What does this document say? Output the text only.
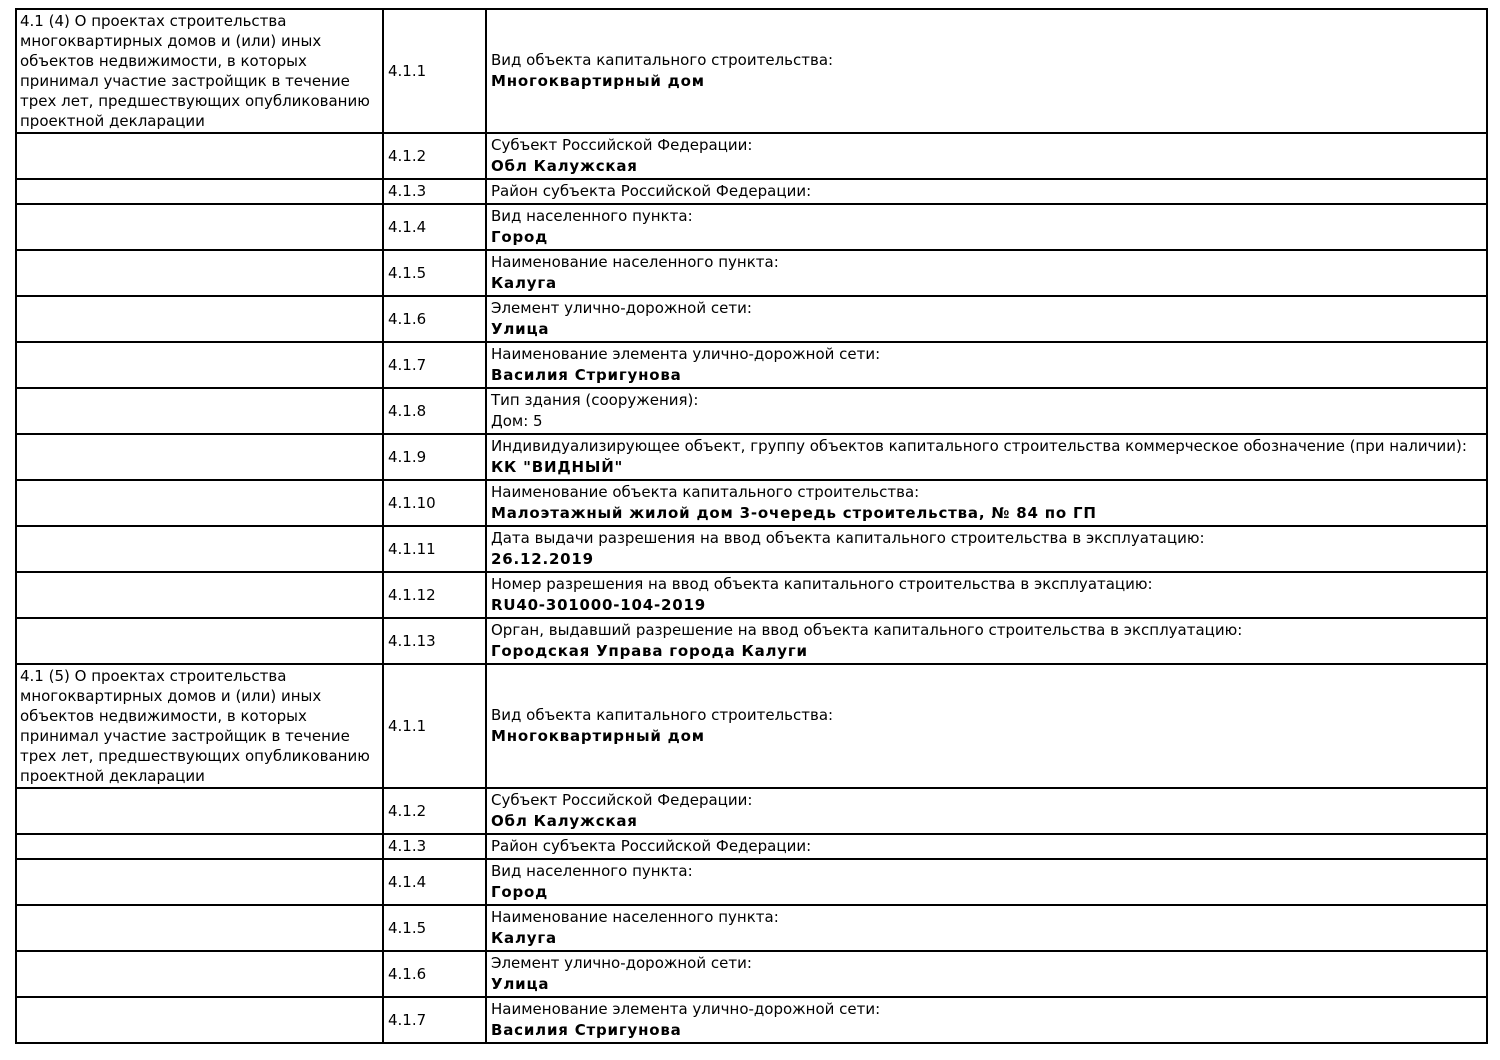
4.1 (4) О проектах строительства многоквартирных домов и (или) иных объектов недвижимости, в которых принимал участие застройщик в течение трех лет, предшествующих опубликованию проектной декларации	4.1.1	Вид объекта капитального строительства:
Многоквартирный дом

	4.1.2	Субъект Российской Федерации:
Обл Калужская

	4.1.3	Район субъекта Российской Федерации:

	4.1.4	Вид населенного пункта:
Город

	4.1.5	Наименование населенного пункта:
Калуга

	4.1.6	Элемент улично-дорожной сети:
Улица

	4.1.7	Наименование элемента улично-дорожной сети:
Василия Стригунова

	4.1.8	Тип здания (сооружения):
Дом: 5

	4.1.9	Индивидуализирующее объект, группу объектов капитального строительства коммерческое обозначение (при наличии):
КК "ВИДНЫЙ"

	4.1.10	Наименование объекта капитального строительства:
Малоэтажный жилой дом 3-очередь строительства, № 84 по ГП

	4.1.11	Дата выдачи разрешения на ввод объекта капитального строительства в эксплуатацию:
26.12.2019

	4.1.12	Номер разрешения на ввод объекта капитального строительства в эксплуатацию:
RU40-301000-104-2019

	4.1.13	Орган, выдавший разрешение на ввод объекта капитального строительства в эксплуатацию:
Городская Управа города Калуги

4.1 (5) О проектах строительства многоквартирных домов и (или) иных объектов недвижимости, в которых принимал участие застройщик в течение трех лет, предшествующих опубликованию проектной декларации	4.1.1	Вид объекта капитального строительства:
Многоквартирный дом

	4.1.2	Субъект Российской Федерации:
Обл Калужская

	4.1.3	Район субъекта Российской Федерации:

	4.1.4	Вид населенного пункта:
Город

	4.1.5	Наименование населенного пункта:
Калуга

	4.1.6	Элемент улично-дорожной сети:
Улица

	4.1.7	Наименование элемента улично-дорожной сети:
Василия Стригунова
